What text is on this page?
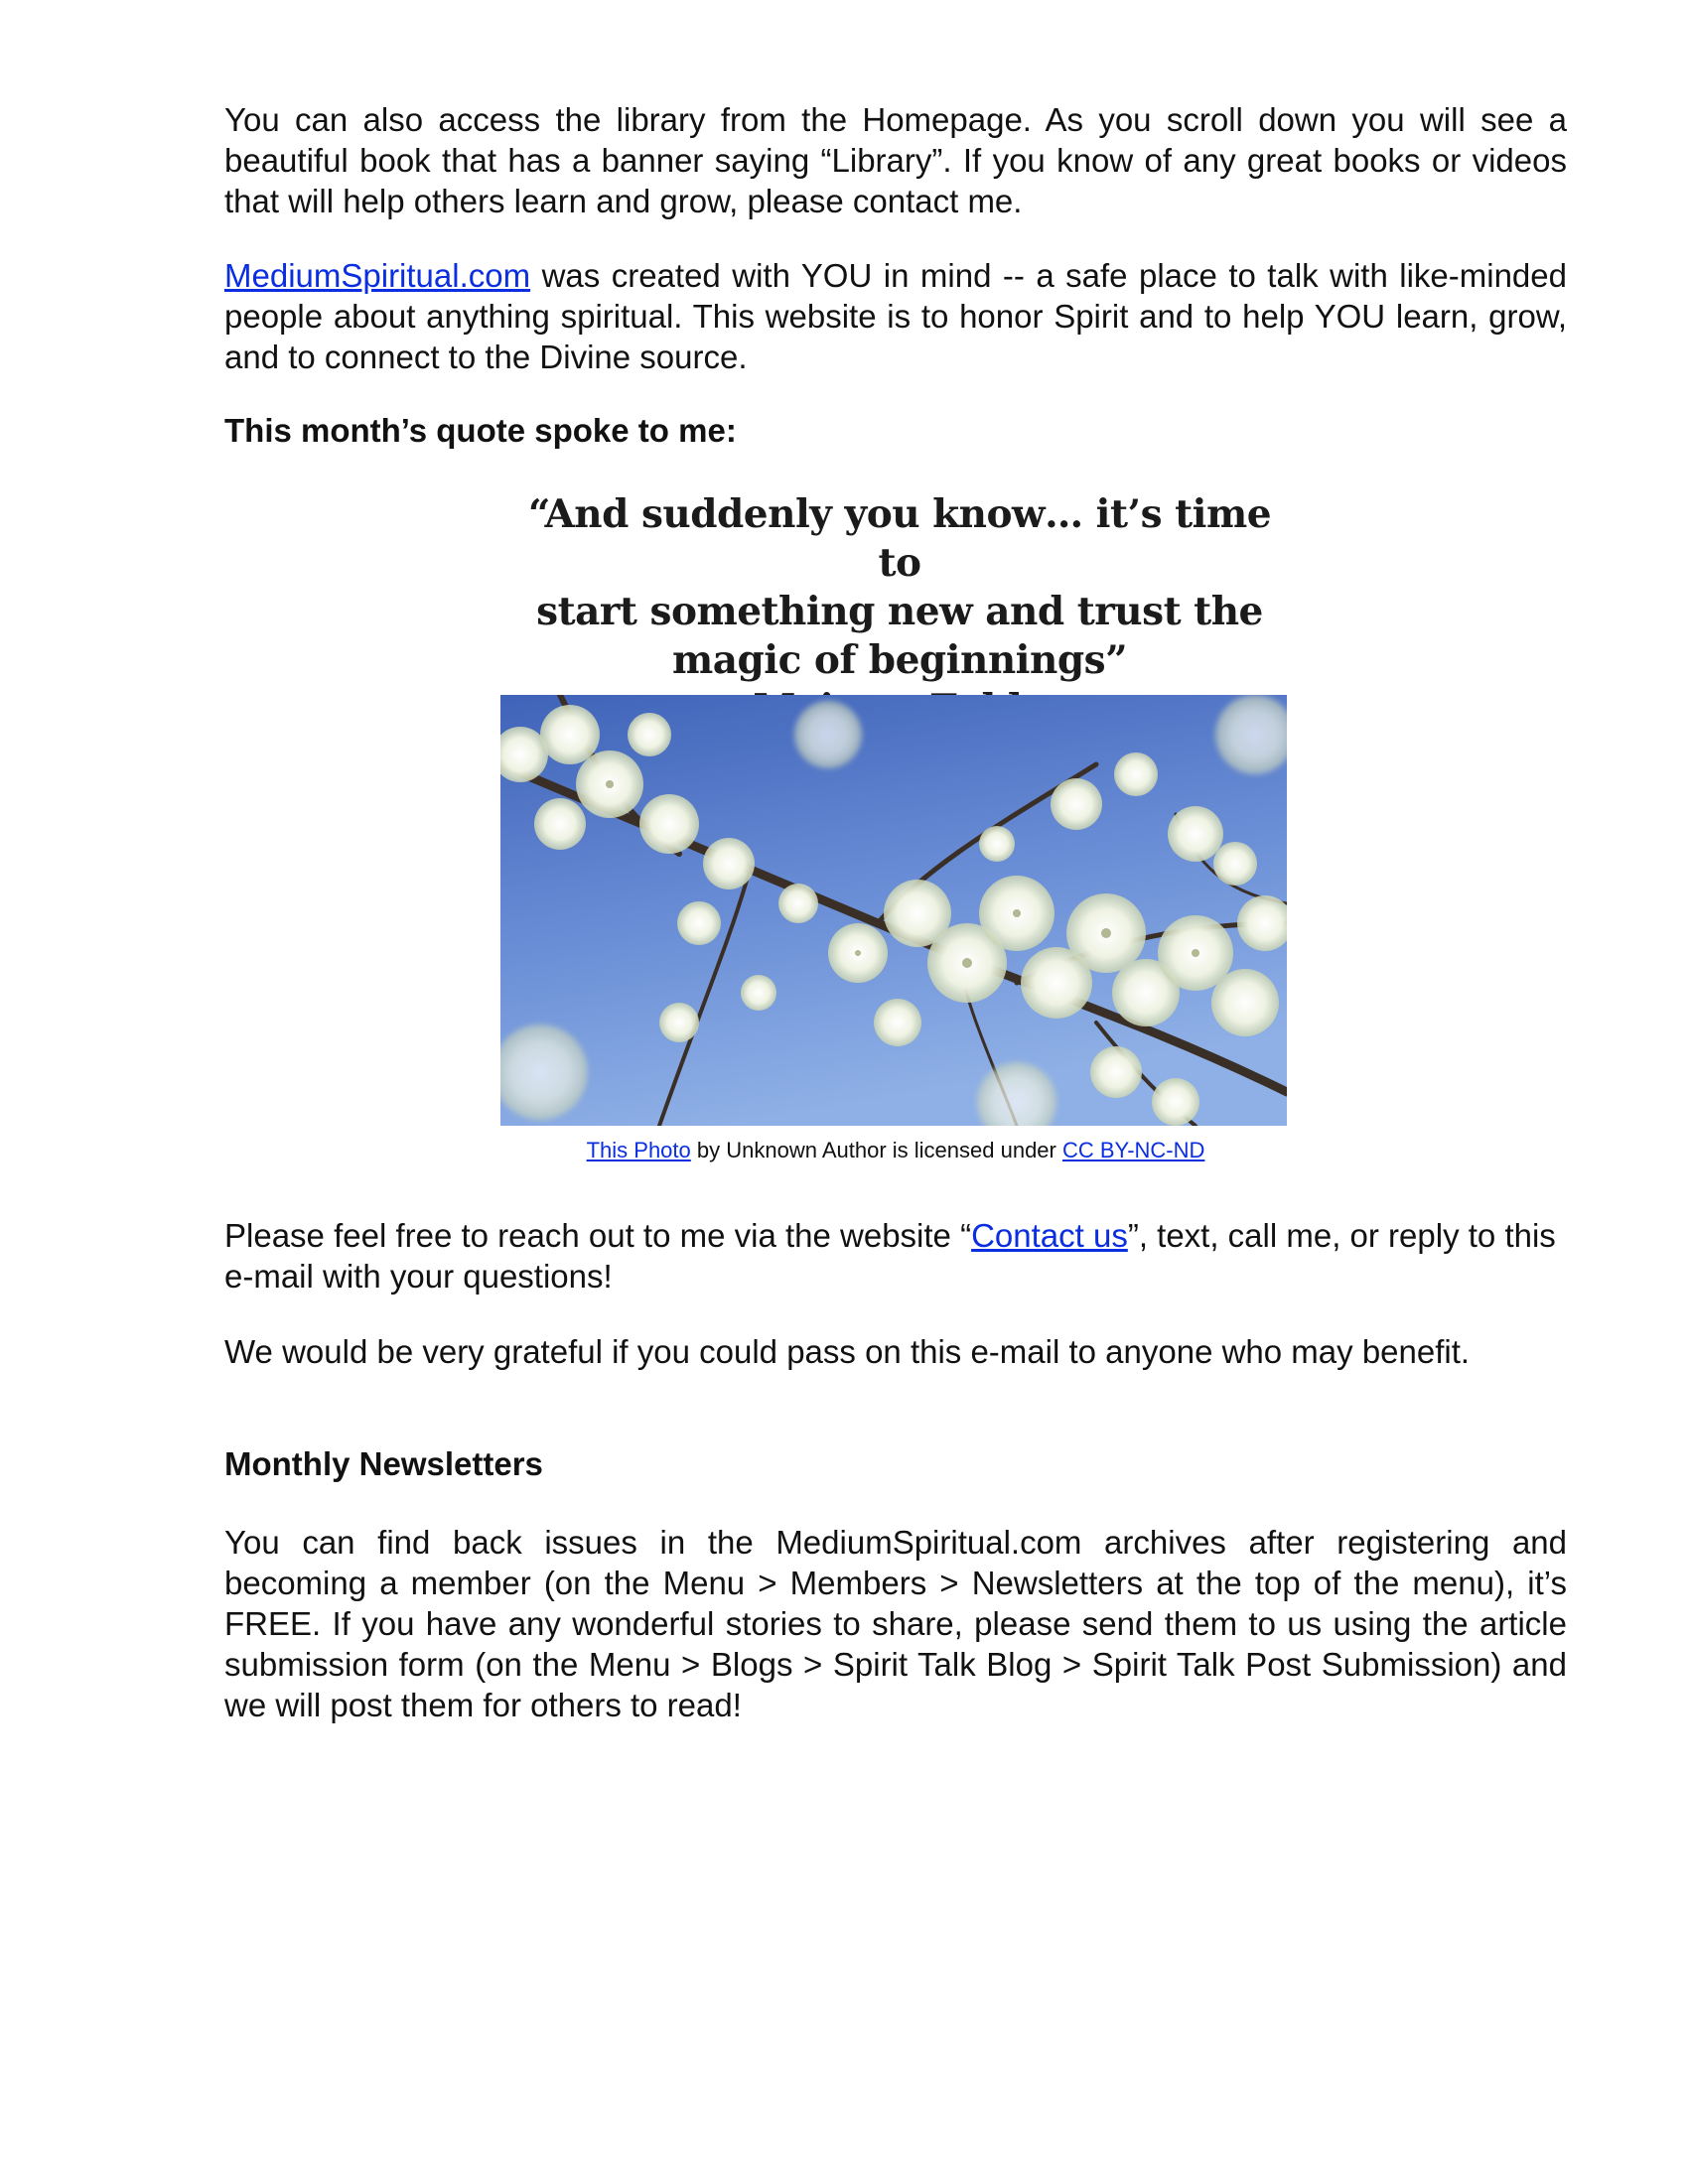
You can also access the library from the Homepage. As you scroll down you will see a beautiful book that has a banner saying “Library”. If you know of any great books or videos that will help others learn and grow, please contact me.

MediumSpiritual.com was created with YOU in mind -- a safe place to talk with like-minded people about anything spiritual. This website is to honor Spirit and to help YOU learn, grow, and to connect to the Divine source.

This month’s quote spoke to me:

“And suddenly you know… it’s time to
start something new and trust the
magic of beginnings”

This Photo by Unknown Author is licensed under CC BY-NC-ND

Please feel free to reach out to me via the website “Contact us”, text, call me, or reply to this e-mail with your questions!

We would be very grateful if you could pass on this e-mail to anyone who may benefit.

Monthly Newsletters

You can find back issues in the MediumSpiritual.com archives after registering and becoming a member (on the Menu > Members > Newsletters at the top of the menu), it’s FREE. If you have any wonderful stories to share, please send them to us using the article submission form (on the Menu > Blogs > Spirit Talk Blog > Spirit Talk Post Submission) and we will post them for others to read!
